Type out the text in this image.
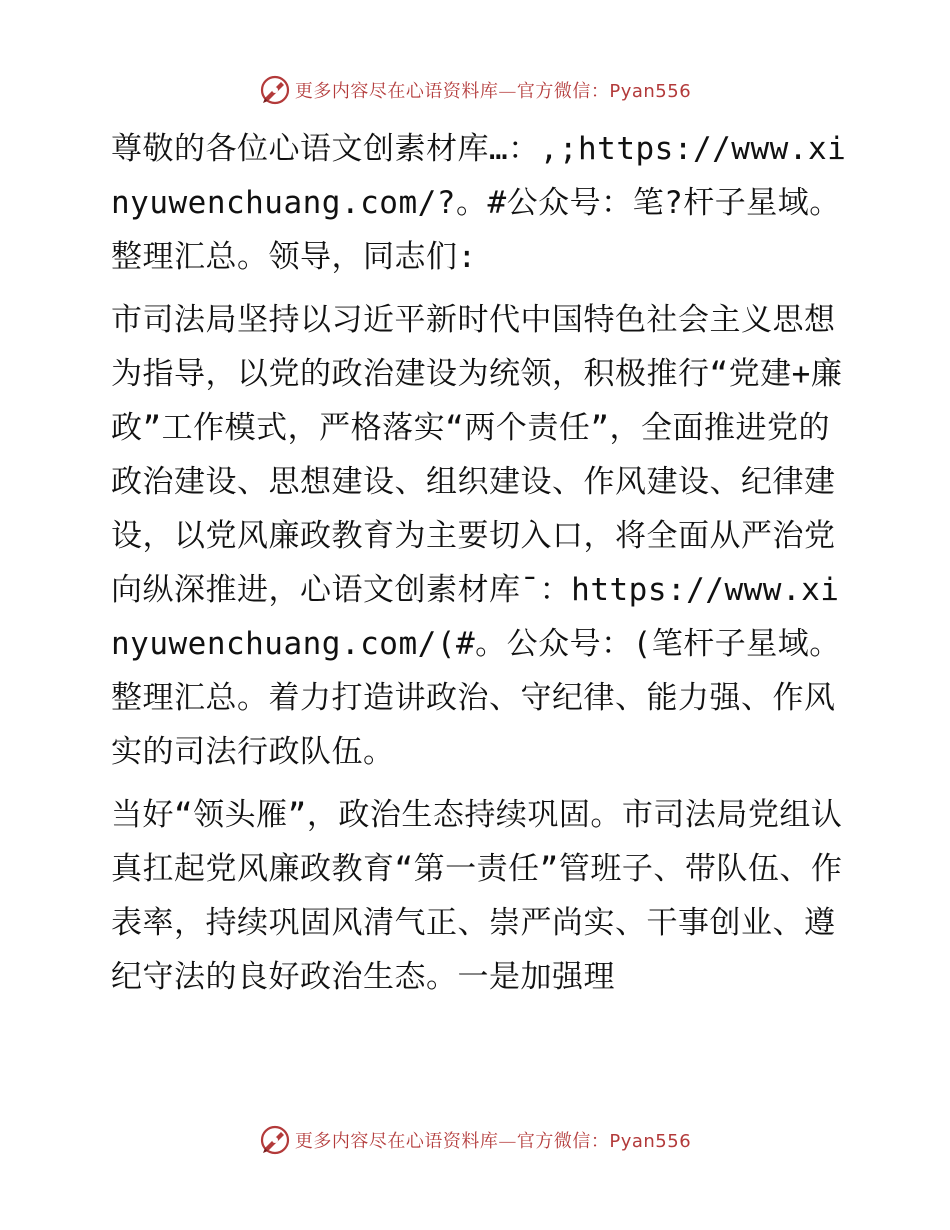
更多内容尽在心语资料库—官方微信：Pyan556

尊敬的各位心语文创素材库…：,;https://www.xinyuwenchuang.com/?。#公众号：笔?杆子星域。整理汇总。领导，同志们:

市司法局坚持以习近平新时代中国特色社会主义思想为指导，以党的政治建设为统领，积极推行“党建+廉政”工作模式，严格落实“两个责任”，全面推进党的政治建设、思想建设、组织建设、作风建设、纪律建设，以党风廉政教育为主要切入口，将全面从严治党向纵深推进，心语文创素材库¯：https://www.xinyuwenchuang.com/(#。公众号：(笔杆子星域。整理汇总。着力打造讲政治、守纪律、能力强、作风实的司法行政队伍。

当好“领头雁”，政治生态持续巩固。市司法局党组认真扛起党风廉政教育“第一责任”管班子、带队伍、作表率，持续巩固风清气正、崇严尚实、干事创业、遵纪守法的良好政治生态。一是加强理

更多内容尽在心语资料库—官方微信：Pyan556
